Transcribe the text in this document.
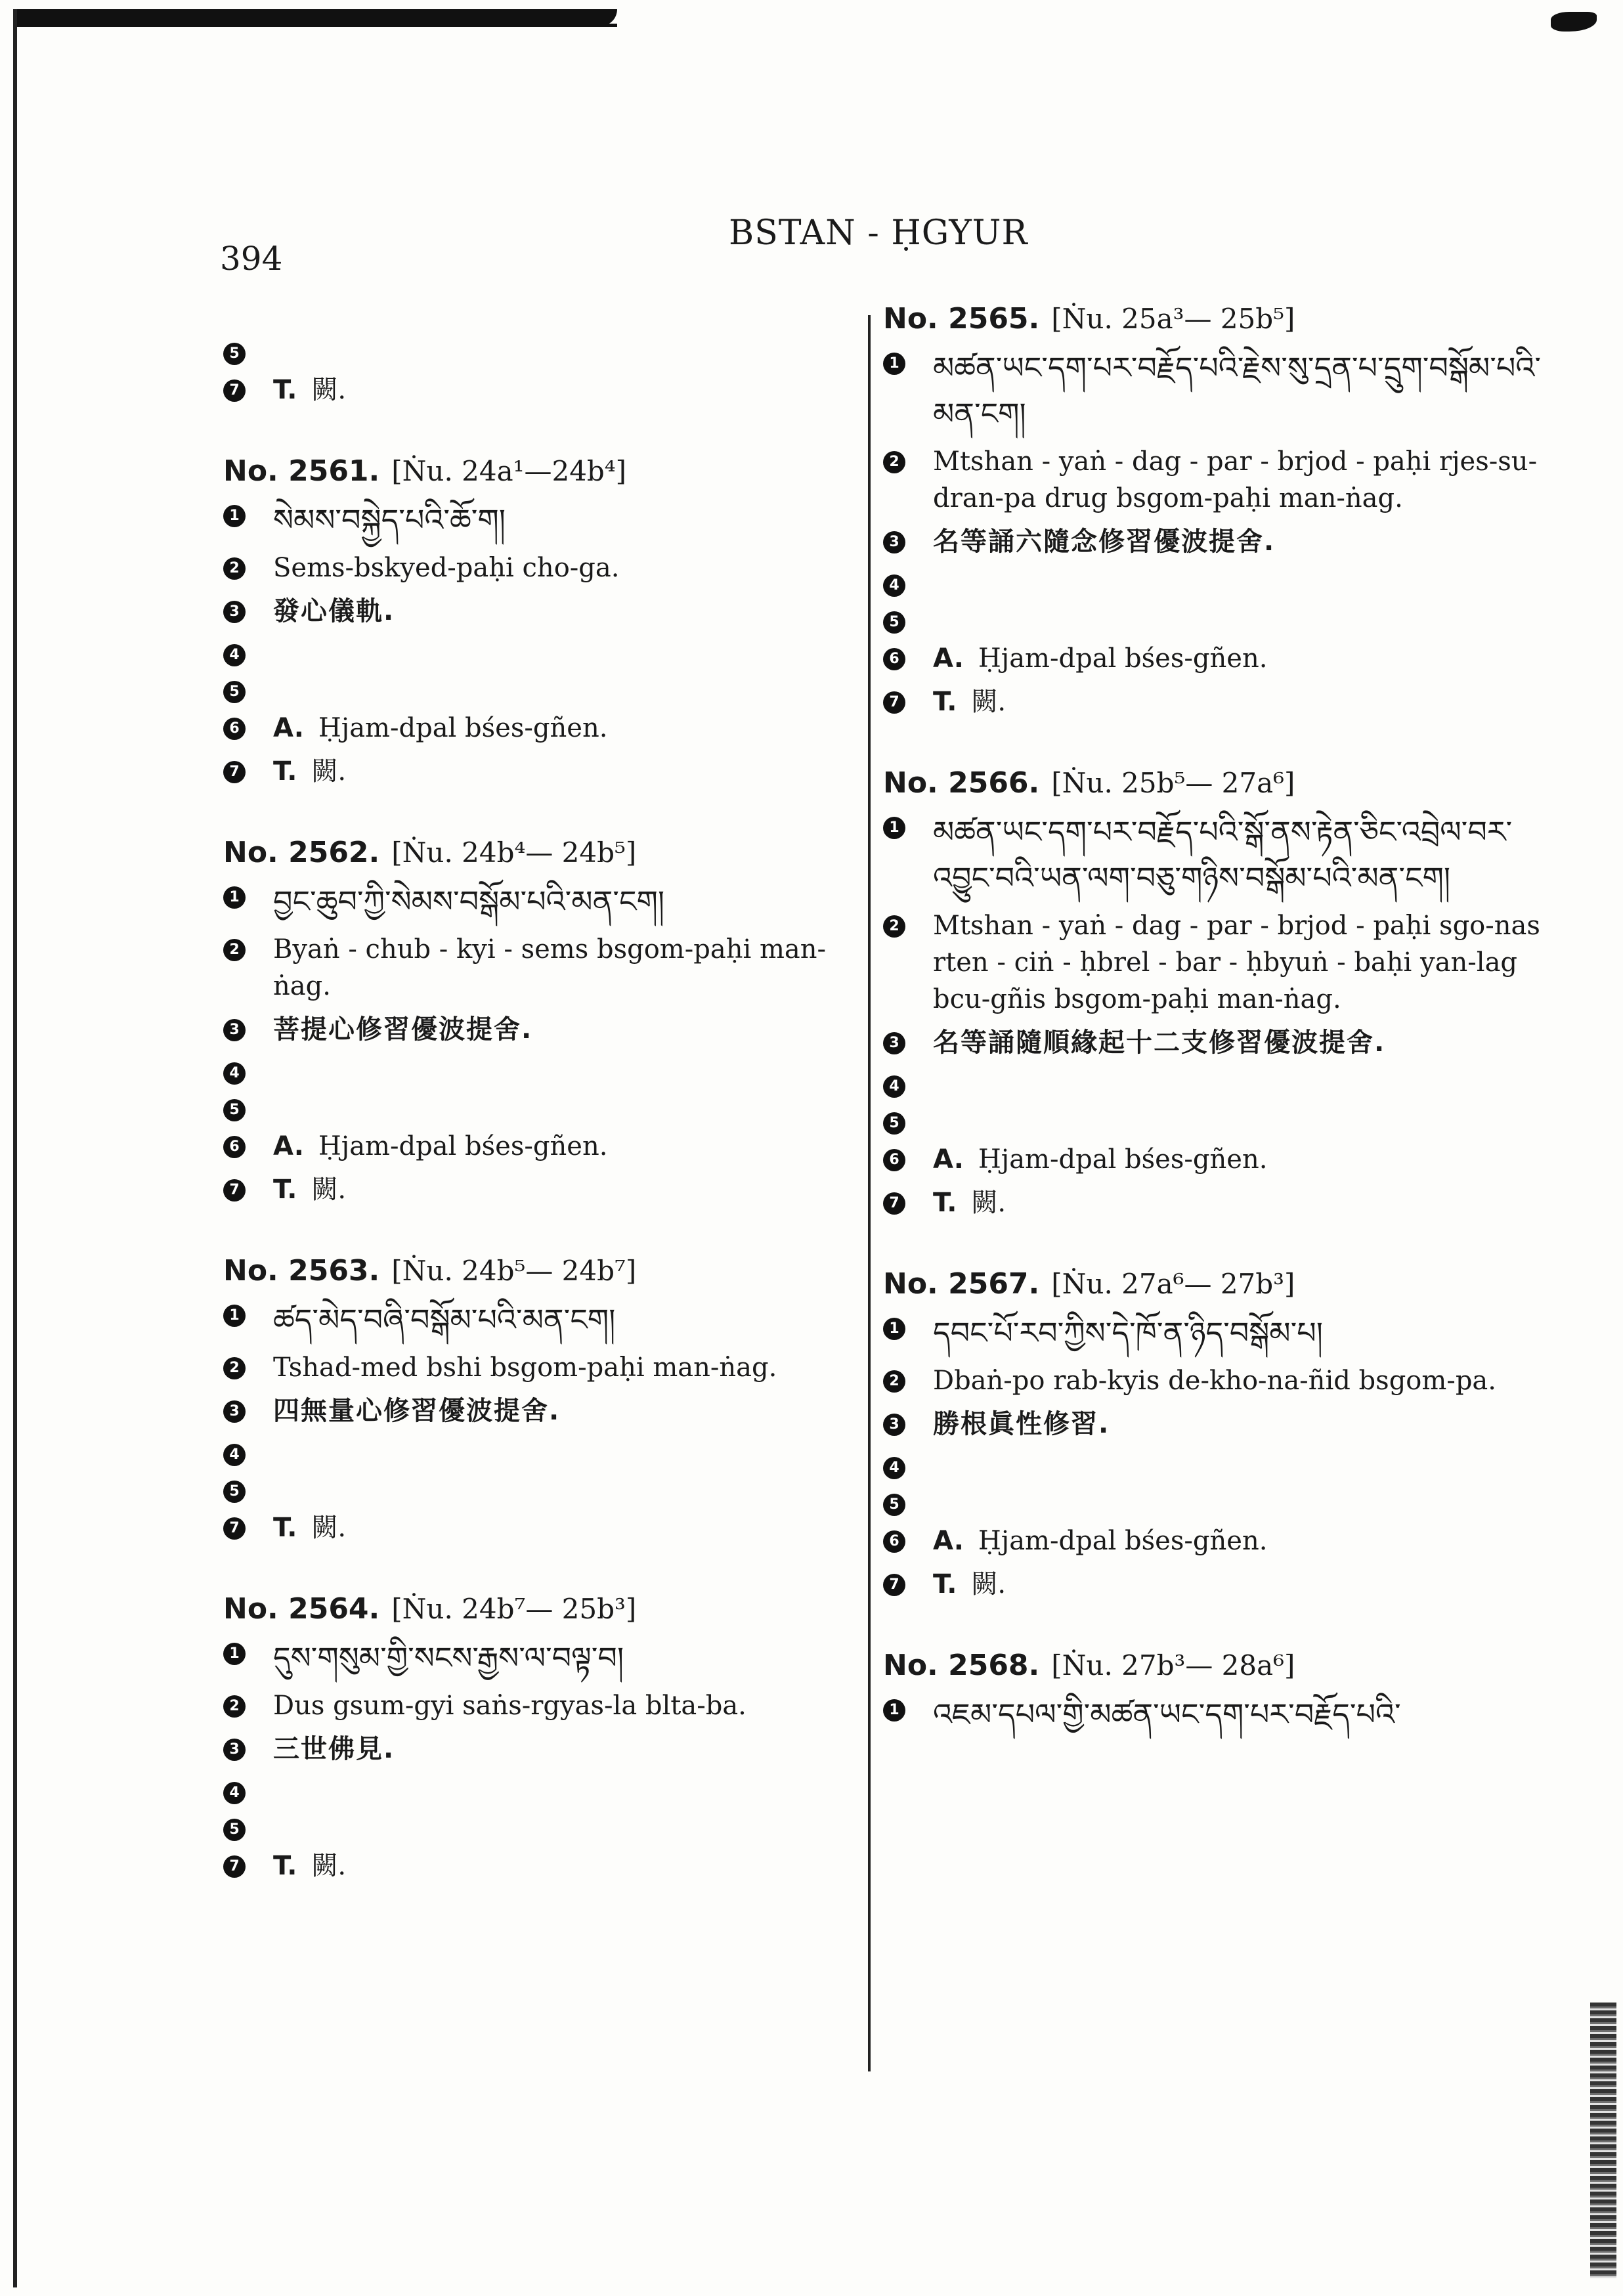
394
BSTAN - ḤGYUR
5
7 T. 闕.
No. 2561. [Ṅu. 24a¹—24b⁴]
1 སེམས་བསྐྱེད་པའི་ཆོ་ག།
2 Sems-bskyed-paḥi cho-ga.
3 發心儀軌.
4
5
6 A. Ḥjam-dpal bśes-gñen.
7 T. 闕.
No. 2562. [Ṅu. 24b⁴— 24b⁵]
1 བྱང་ཆུབ་ཀྱི་སེམས་བསྒོམ་པའི་མན་ངག།
2 Byaṅ - chub - kyi - sems bsgom-paḥi man-ṅag.
3 菩提心修習優波提舍.
4
5
6 A. Ḥjam-dpal bśes-gñen.
7 T. 闕.
No. 2563. [Ṅu. 24b⁵— 24b⁷]
1 ཚད་མེད་བཞི་བསྒོམ་པའི་མན་ངག།
2 Tshad-med bshi bsgom-paḥi man-ṅag.
3 四無量心修習優波提舍.
4
5
7 T. 闕.
No. 2564. [Ṅu. 24b⁷— 25b³]
1 དུས་གསུམ་གྱི་སངས་རྒྱས་ལ་བལྟ་བ།
2 Dus gsum-gyi saṅs-rgyas-la blta-ba.
3 三世佛見.
4
5
7 T. 闕.
No. 2565. [Ṅu. 25a³— 25b⁵]
1 མཚན་ཡང་དག་པར་བརྗོད་པའི་རྗེས་སུ་དྲན་པ་དྲུག་བསྒོམ་པའི་མན་ངག།
2 Mtshan - yaṅ - dag - par - brjod - paḥi rjes-su-dran-pa drug bsgom-paḥi man-ṅag.
3 名等誦六隨念修習優波提舍.
4
5
6 A. Ḥjam-dpal bśes-gñen.
7 T. 闕.
No. 2566. [Ṅu. 25b⁵— 27a⁶]
1 མཚན་ཡང་དག་པར་བརྗོད་པའི་སྒོ་ནས་རྟེན་ཅིང་འབྲེལ་བར་འབྱུང་བའི་ཡན་ལག་བཅུ་གཉིས་བསྒོམ་པའི་མན་ངག།
2 Mtshan - yaṅ - dag - par - brjod - paḥi sgo-nas rten - ciṅ - ḥbrel - bar - ḥbyuṅ - baḥi yan-lag bcu-gñis bsgom-paḥi man-ṅag.
3 名等誦隨順緣起十二支修習優波提舍.
4
5
6 A. Ḥjam-dpal bśes-gñen.
7 T. 闕.
No. 2567. [Ṅu. 27a⁶— 27b³]
1 དབང་པོ་རབ་ཀྱིས་དེ་ཁོ་ན་ཉིད་བསྒོམ་པ།
2 Dbaṅ-po rab-kyis de-kho-na-ñid bsgom-pa.
3 勝根眞性修習.
4
5
6 A. Ḥjam-dpal bśes-gñen.
7 T. 闕.
No. 2568. [Ṅu. 27b³— 28a⁶]
1 འཇམ་དཔལ་གྱི་མཚན་ཡང་དག་པར་བརྗོད་པའི་
